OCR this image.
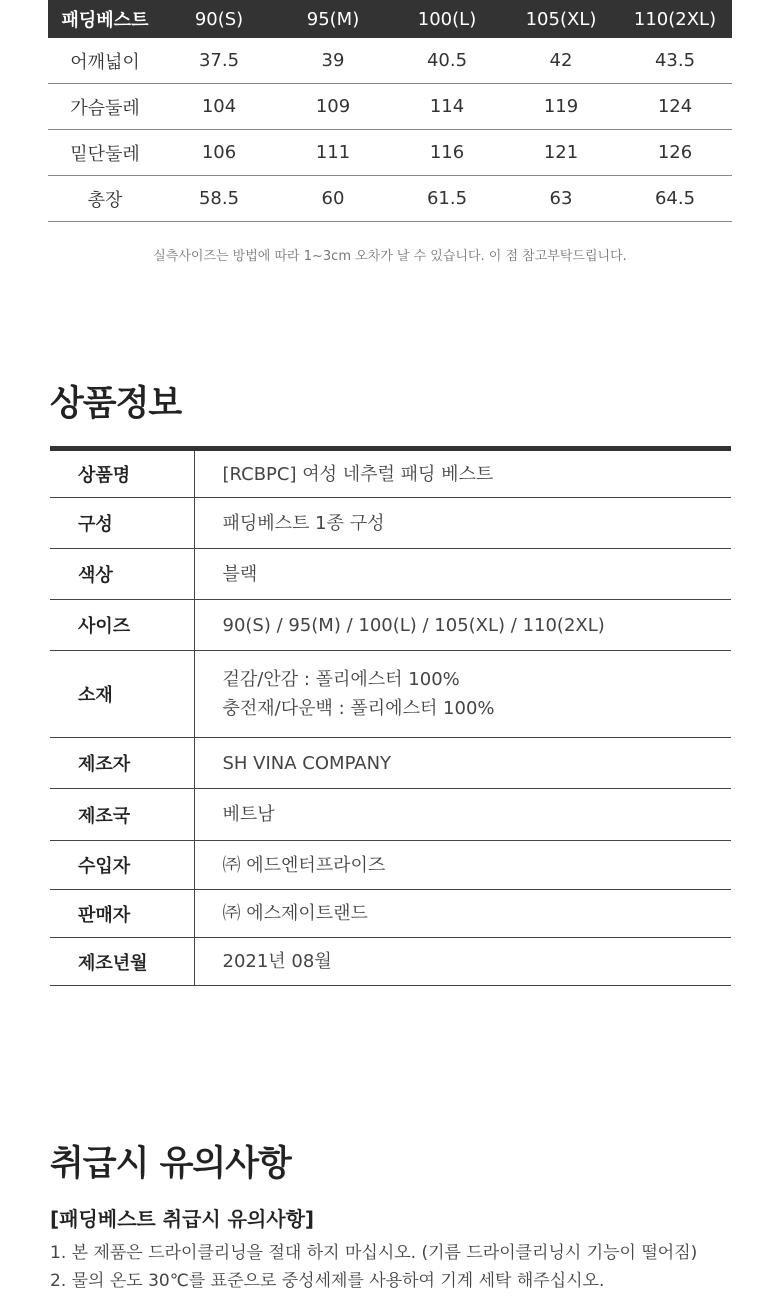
패딩베스트	90(S)	95(M)	100(L)	105(XL)	110(2XL)
어깨넓이	37.5	39	40.5	42	43.5
가슴둘레	104	109	114	119	124
밑단둘레	106	111	116	121	126
총장	58.5	60	61.5	63	64.5
실측사이즈는 방법에 따라 1~3cm 오차가 날 수 있습니다. 이 점 참고부탁드립니다.
상품정보
상품명	[RCBPC] 여성 네추럴 패딩 베스트

구성	패딩베스트 1종 구성

색상	블랙

사이즈	90(S) / 95(M) / 100(L) / 105(XL) / 110(2XL)

소재	겉감/안감 : 폴리에스터 100%
충전재/다운백 : 폴리에스터 100%

제조자	SH VINA COMPANY

제조국	베트남

수입자	㈜ 에드엔터프라이즈

판매자	㈜ 에스제이트랜드

제조년월	2021년 08월
취급시 유의사항
[패딩베스트 취급시 유의사항]
1. 본 제품은 드라이클리닝을 절대 하지 마십시오. (기름 드라이클리닝시 기능이 떨어짐)
2. 물의 온도 30℃를 표준으로 중성세제를 사용하여 기계 세탁 해주십시오.
